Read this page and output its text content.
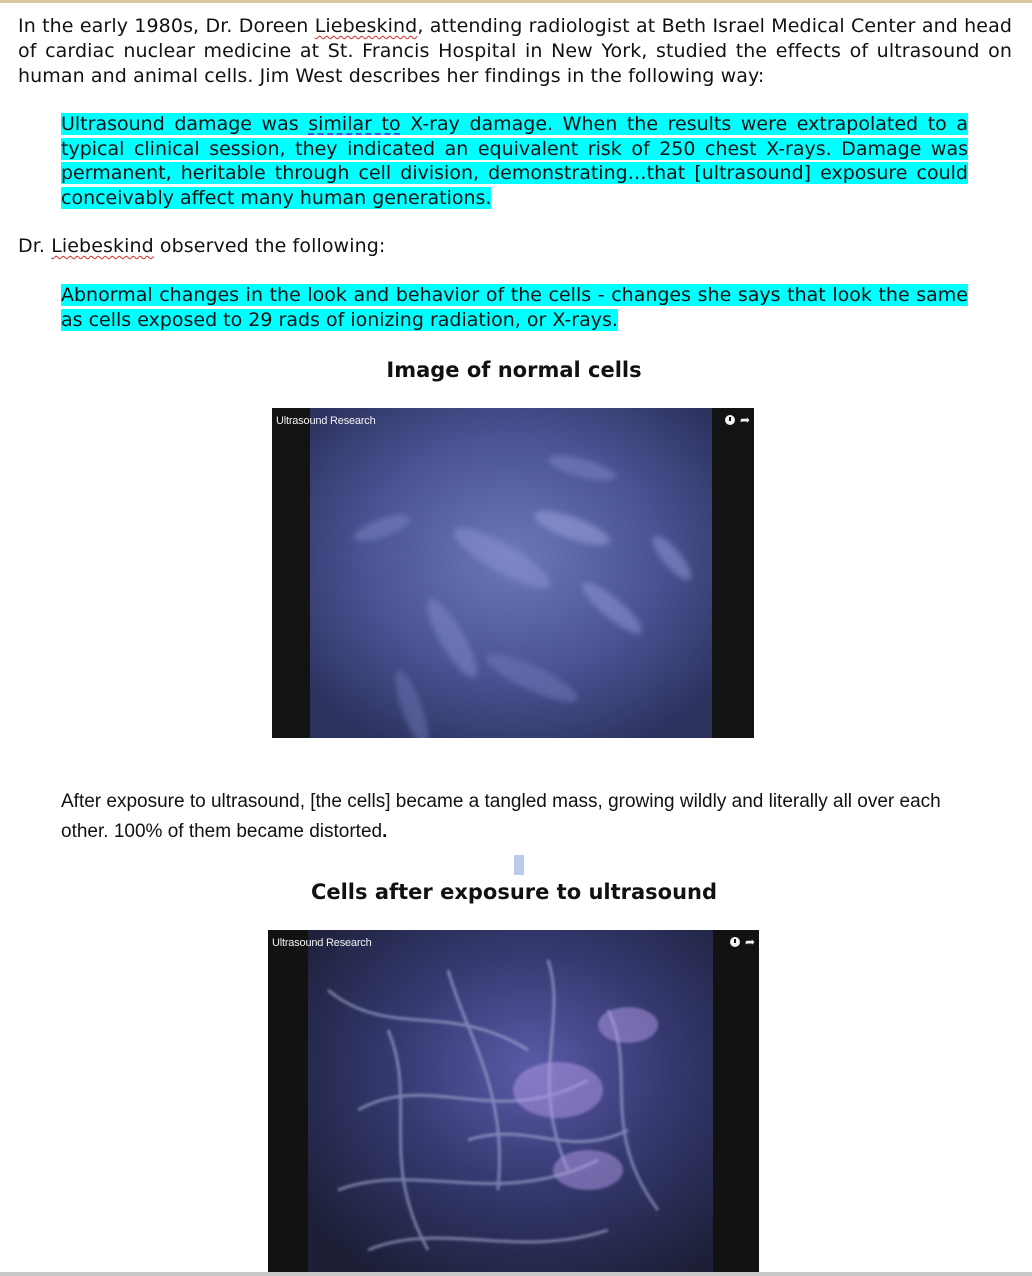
In the early 1980s, Dr. Doreen Liebeskind, attending radiologist at Beth Israel Medical Center and head of cardiac nuclear medicine at St. Francis Hospital in New York, studied the effects of ultrasound on human and animal cells. Jim West describes her findings in the following way:

Ultrasound damage was similar to X-ray damage. When the results were extrapolated to a typical clinical session, they indicated an equivalent risk of 250 chest X-rays. Damage was permanent, heritable through cell division, demonstrating…that [ultrasound] exposure could conceivably affect many human generations.

Dr. Liebeskind observed the following:

Abnormal changes in the look and behavior of the cells - changes she says that look the same as cells exposed to 29 rads of ionizing radiation, or X-rays.

Image of normal cells

Ultrasound Research	➦

After exposure to ultrasound, [the cells] became a tangled mass, growing wildly and literally all over each other. 100% of them became distorted.

Cells after exposure to ultrasound

Ultrasound Research	➦
